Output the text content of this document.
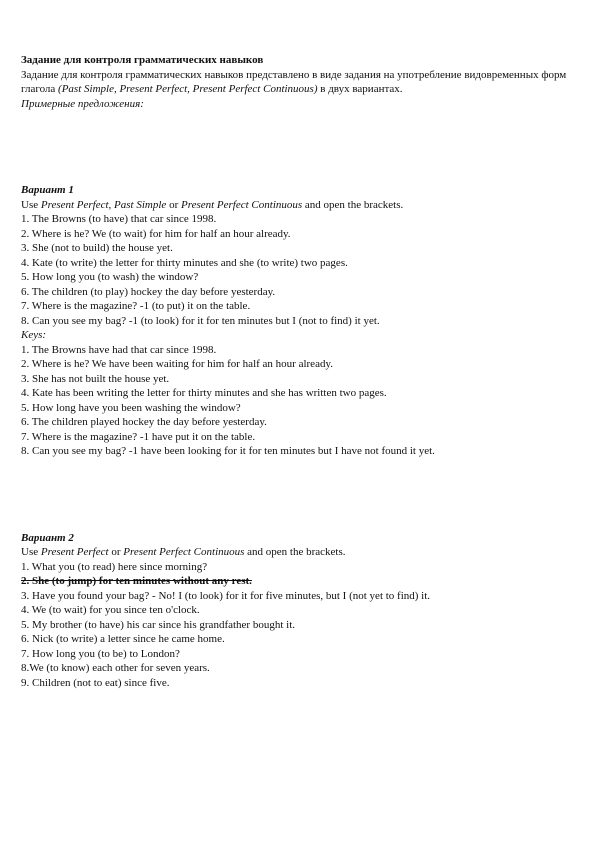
Задание для контроля грамматических навыков
Задание для контроля грамматических навыков представлено в виде задания на употребление видовременных форм глагола (Past Simple, Present Perfect, Present Perfect Continuous) в двух вариантах.
Примерные предложения:
Вариант 1
Use Present Perfect, Past Simple or Present Perfect Continuous and open the brackets.
1. The Browns (to have) that car since 1998.
2. Where is he? We (to wait) for him for half an hour already.
3. She (not to build) the house yet.
4. Kate (to write) the letter for thirty minutes and she (to write) two pages.
5. How long you (to wash) the window?
6. The children (to play) hockey the day before yesterday.
7. Where is the magazine? -1 (to put) it on the table.
8. Can you see my bag? -1 (to look) for it for ten minutes but I (not to find) it yet.
Keys:
1. The Browns have had that car since 1998.
2. Where is he? We have been waiting for him for half an hour already.
3. She has not built the house yet.
4. Kate has been writing the letter for thirty minutes and she has written two pages.
5. How long have you been washing the window?
6. The children played hockey the day before yesterday.
7. Where is the magazine? -1 have put it on the table.
8. Can you see my bag? -1 have been looking for it for ten minutes but I have not found it yet.
Вариант 2
Use Present Perfect or Present Perfect Continuous and open the brackets.
1. What you (to read) here since morning?
2. She (to jump) for ten minutes without any rest.
3. Have you found your bag? - No! I (to look) for it for five minutes, but I (not yet to find) it.
4. We (to wait) for you since ten o'clock.
5. My brother (to have) his car since his grandfather bought it.
6. Nick (to write) a letter since he came home.
7. How long you (to be) to London?
8.We (to know) each other for seven years.
9. Children (not to eat) since five.
